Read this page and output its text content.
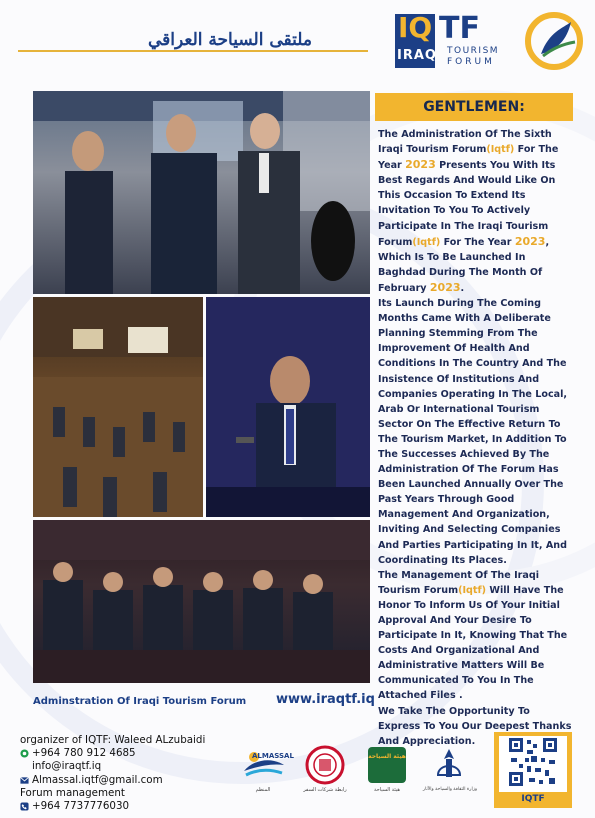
ملتقى السياحة العراقي	IQ
IRAQ
TF
TOURISM
FORUM
GENTLEMEN:

The Administration Of The Sixth Iraqi Tourism Forum(Iqtf) For The Year 2023 Presents You With Its Best Regards And Would Like On This Occasion To Extend Its Invitation To You To Actively Participate In The Iraqi Tourism Forum(Iqtf) For The Year 2023, Which Is To Be Launched In Baghdad During The Month Of February 2023.

Its Launch During The Coming Months Came With A Deliberate Planning Stemming From The Improvement Of Health And Conditions In The Country And The Insistence Of Institutions And Companies Operating In The Local, Arab Or International Tourism Sector On The Effective Return To The Tourism Market, In Addition To The Successes Achieved By The Administration Of The Forum Has Been Launched Annually Over The Past Years Through Good Management And Organization, Inviting And Selecting Companies And Parties Participating In It, And Coordinating Its Places.

The Management Of The Iraqi Tourism Forum(Iqtf) Will Have The Honor To Inform Us Of Your Initial Approval And Your Desire To Participate In It, Knowing That The Costs And Organizational And Administrative Matters Will Be Communicated To You In The Attached Files .

We Take The Opportunity To Express To You Our Deepest Thanks And Appreciation.

Adminstration Of Iraqi Tourism Forum www.iraqtf.iq
organizer of IQTF: Waleed ALzubaidi
+964 780 912 4685
info@iraqtf.iq
Almassal.iqtf@gmail.com
Forum management
+964 7737776030
ALMASSAL
المنظم	رابطة شركات السفر
هيئة السياحة
هيئة السياحة	وزارة الثقافة والسياحة والآثار
IQTF
